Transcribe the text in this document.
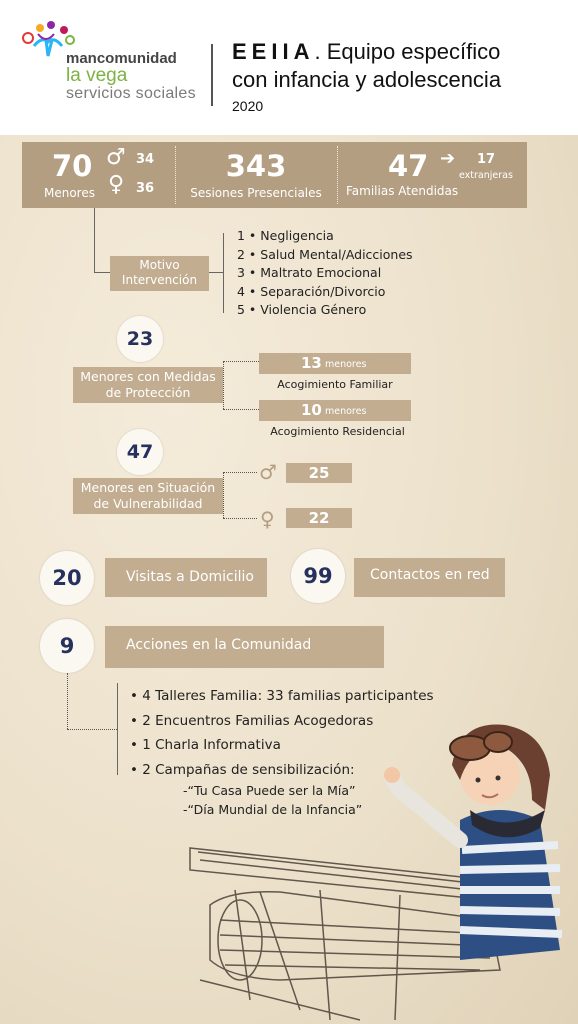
mancomunidad
la vega
servicios sociales
EEIIA. Equipo específico
con infancia y adolescencia
2020
70
Menores
♂ 34
♀ 36
343
Sesiones Presenciales
47 ➔ 17
extranjeras
Familias Atendidas
Motivo
Intervención
1 • Negligencia
2 • Salud Mental/Adicciones
3 • Maltrato Emocional
4 • Separación/Divorcio
5 • Violencia Género
23
Menores con Medidas
de Protección
13 menores
Acogimiento Familiar
10 menores
Acogimiento Residencial
47
Menores en Situación
de Vulnerabilidad
♂	25
♀	22
20	Visitas a Domicilio	99	Contactos en red
9	Acciones en la Comunidad
• 4 Talleres Familia: 33 familias participantes
• 2 Encuentros Familias Acogedoras
• 1 Charla Informativa
• 2 Campañas de sensibilización:
-“Tu Casa Puede ser la Mía”
-“Día Mundial de la Infancia”
